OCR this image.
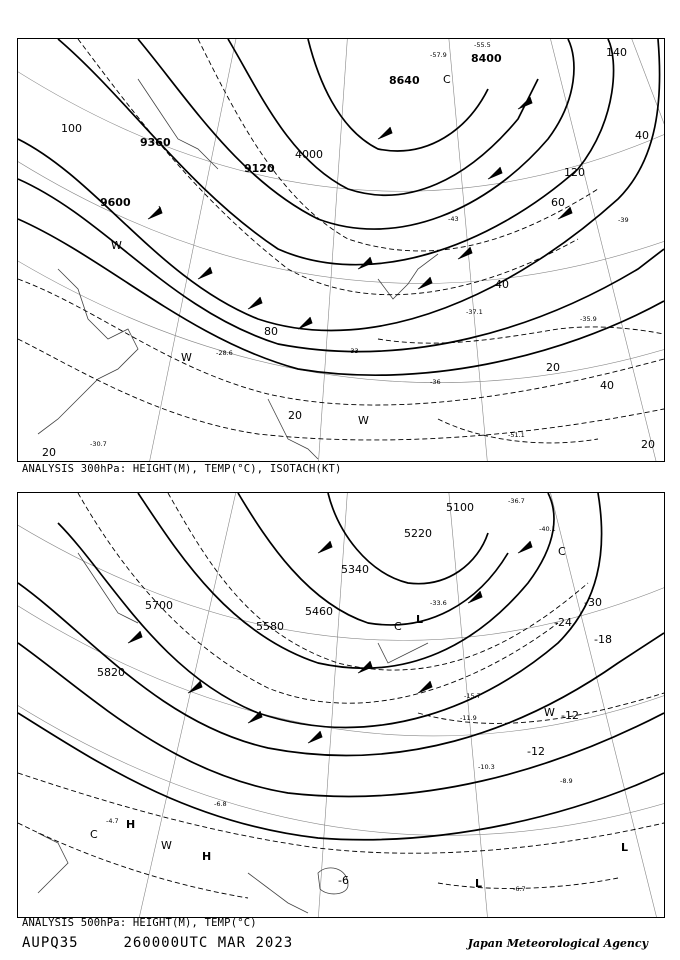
9360
9120
9600
8640
8400
4000
100
80
40
60
20
120
140
40
20
20
20
40
-57.9
-55.5
-51.1
-35.9
-37.1
-28.6
-30.7
-39
-33
-36
-43
W
W
W
C
ANALYSIS 300hPa: HEIGHT(M), TEMP(°C), ISOTACH(KT)
5100
5220
5340
5460
5580
5700
5820
-30
-24
-18
-12
-12
-6
H
H
L
L
L
C
W
W
C
C
-36.7
-40.1
-33.6
-15.7
-11.9
-10.3
-8.9
-6.7
-6.8
-4.7
ANALYSIS 500hPa: HEIGHT(M), TEMP(°C)
AUPQ35	260000UTC MAR 2023	Japan Meteorological Agency
